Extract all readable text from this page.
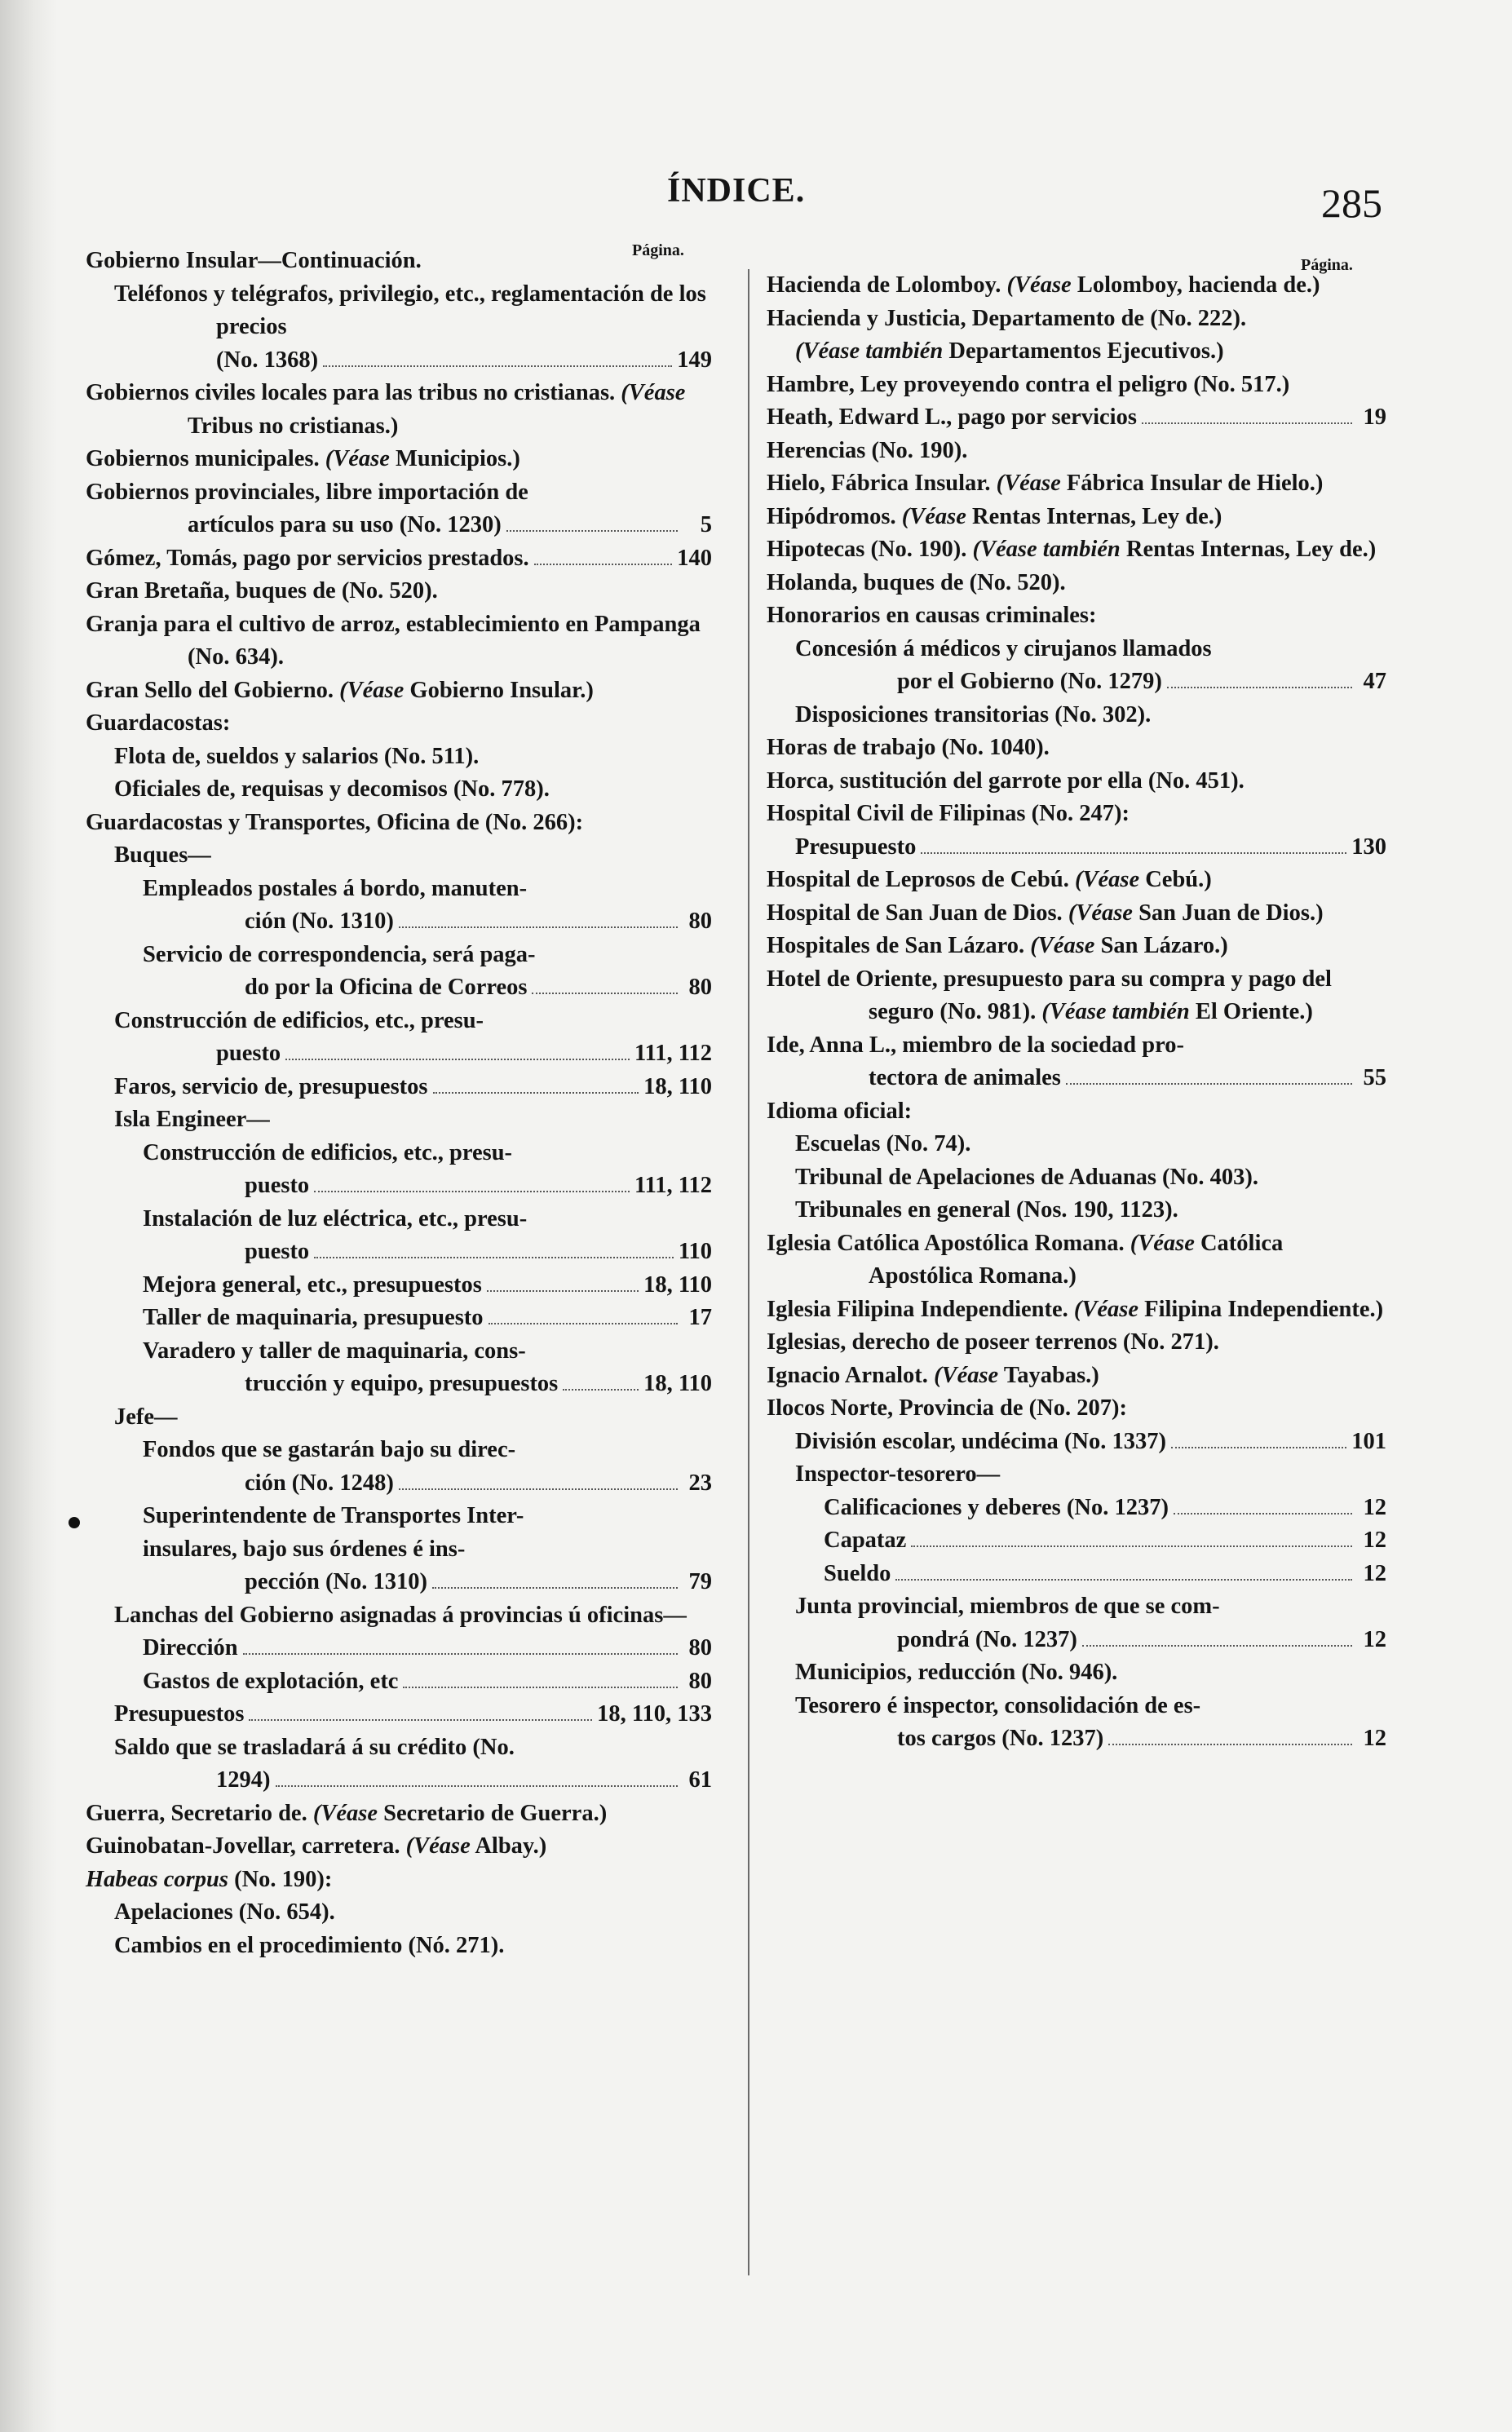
ÍNDICE.	285
Página.
Página.
Gobierno Insular—Continuación.
Teléfonos y telégrafos, privilegio, etc., reglamentación de los precios
(No. 1368)	149
Gobiernos civiles locales para las tribus no cristianas. (Véase Tribus no cristianas.)
Gobiernos municipales. (Véase Municipios.)
Gobiernos provinciales, libre importación de
artículos para su uso (No. 1230)	5
Gómez, Tomás, pago por servicios prestados.	140
Gran Bretaña, buques de (No. 520).
Granja para el cultivo de arroz, establecimiento en Pampanga (No. 634).
Gran Sello del Gobierno. (Véase Gobierno Insular.)
Guardacostas:
Flota de, sueldos y salarios (No. 511).
Oficiales de, requisas y decomisos (No. 778).
Guardacostas y Transportes, Oficina de (No. 266):
Buques—
Empleados postales á bordo, manuten-
ción (No. 1310)	80
Servicio de correspondencia, será paga-
do por la Oficina de Correos	80
Construcción de edificios, etc., presu-
puesto	111, 112
Faros, servicio de, presupuestos	18, 110
Isla Engineer—
Construcción de edificios, etc., presu-
puesto	111, 112
Instalación de luz eléctrica, etc., presu-
puesto	110
Mejora general, etc., presupuestos	18, 110
Taller de maquinaria, presupuesto	17
Varadero y taller de maquinaria, cons-
trucción y equipo, presupuestos	18, 110
Jefe—
Fondos que se gastarán bajo su direc-
ción (No. 1248)	23
Superintendente de Transportes Inter-
insulares, bajo sus órdenes é ins-
pección (No. 1310)	79
Lanchas del Gobierno asignadas á provincias ú oficinas—
Dirección	80
Gastos de explotación, etc	80
Presupuestos	18, 110, 133
Saldo que se trasladará á su crédito (No.
1294)	61
Guerra, Secretario de. (Véase Secretario de Guerra.)
Guinobatan-Jovellar, carretera. (Véase Albay.)
Habeas corpus (No. 190):
Apelaciones (No. 654).
Cambios en el procedimiento (Nó. 271).
Hacienda de Lolomboy. (Véase Lolomboy, hacienda de.)
Hacienda y Justicia, Departamento de (No. 222).
(Véase también Departamentos Ejecutivos.)
Hambre, Ley proveyendo contra el peligro (No. 517.)
Heath, Edward L., pago por servicios	19
Herencias (No. 190).
Hielo, Fábrica Insular. (Véase Fábrica Insular de Hielo.)
Hipódromos. (Véase Rentas Internas, Ley de.)
Hipotecas (No. 190). (Véase también Rentas Internas, Ley de.)
Holanda, buques de (No. 520).
Honorarios en causas criminales:
Concesión á médicos y cirujanos llamados
por el Gobierno (No. 1279)	47
Disposiciones transitorias (No. 302).
Horas de trabajo (No. 1040).
Horca, sustitución del garrote por ella (No. 451).
Hospital Civil de Filipinas (No. 247):
Presupuesto	130
Hospital de Leprosos de Cebú. (Véase Cebú.)
Hospital de San Juan de Dios. (Véase San Juan de Dios.)
Hospitales de San Lázaro. (Véase San Lázaro.)
Hotel de Oriente, presupuesto para su compra y pago del seguro (No. 981). (Véase también El Oriente.)
Ide, Anna L., miembro de la sociedad pro-
tectora de animales	55
Idioma oficial:
Escuelas (No. 74).
Tribunal de Apelaciones de Aduanas (No. 403).
Tribunales en general (Nos. 190, 1123).
Iglesia Católica Apostólica Romana. (Véase Católica Apostólica Romana.)
Iglesia Filipina Independiente. (Véase Filipina Independiente.)
Iglesias, derecho de poseer terrenos (No. 271).
Ignacio Arnalot. (Véase Tayabas.)
Ilocos Norte, Provincia de (No. 207):
División escolar, undécima (No. 1337)	101
Inspector-tesorero—
Calificaciones y deberes (No. 1237)	12
Capataz	12
Sueldo	12
Junta provincial, miembros de que se com-
pondrá (No. 1237)	12
Municipios, reducción (No. 946).
Tesorero é inspector, consolidación de es-
tos cargos (No. 1237)	12
